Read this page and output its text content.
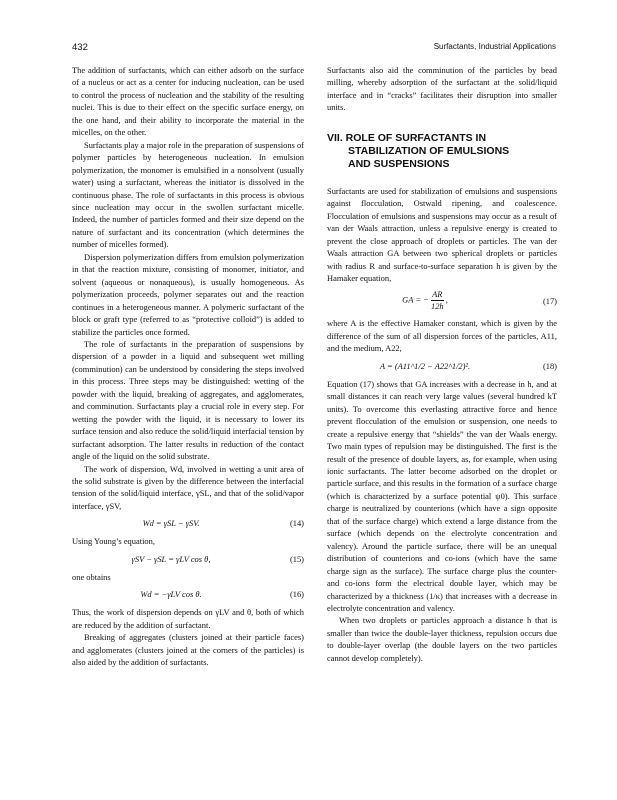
432	Surfactants, Industrial Applications

The addition of surfactants, which can either adsorb on the surface of a nucleus or act as a center for inducing nucleation, can be used to control the process of nucleation and the stability of the resulting nuclei. This is due to their effect on the specific surface energy, on the one hand, and their ability to incorporate the material in the micelles, on the other.

Surfactants play a major role in the preparation of suspensions of polymer particles by heterogeneous nucleation. In emulsion polymerization, the monomer is emulsified in a nonsolvent (usually water) using a surfactant, whereas the initiator is dissolved in the continuous phase. The role of surfactants in this process is obvious since nucleation may occur in the swollen surfactant micelle. Indeed, the number of particles formed and their size depend on the nature of surfactant and its concentration (which determines the number of micelles formed).

Dispersion polymerization differs from emulsion polymerization in that the reaction mixture, consisting of monomer, initiator, and solvent (aqueous or nonaqueous), is usually homogeneous. As polymerization proceeds, polymer separates out and the reaction continues in a heterogeneous manner. A polymeric surfactant of the block or graft type (referred to as “protective colloid”) is added to stabilize the particles once formed.

The role of surfactants in the preparation of suspensions by dispersion of a powder in a liquid and subsequent wet milling (comminution) can be understood by considering the steps involved in this process. Three steps may be distinguished: wetting of the powder with the liquid, breaking of aggregates, and agglomerates, and comminution. Surfactants play a crucial role in every step. For wetting the powder with the liquid, it is necessary to lower its surface tension and also reduce the solid/liquid interfacial tension by surfactant adsorption. The latter results in reduction of the contact angle of the liquid on the solid substrate.

The work of dispersion, Wd, involved in wetting a unit area of the solid substrate is given by the difference between the interfacial tension of the solid/liquid interface, γSL, and that of the solid/vapor interface, γSV,

Wd = γSL − γSV.	(14)

Using Young’s equation,

γSV − γSL = γLV cos θ,	(15)

one obtains

Wd = −γLV cos θ.	(16)

Thus, the work of dispersion depends on γLV and θ, both of which are reduced by the addition of surfactant.

Breaking of aggregates (clusters joined at their particle faces) and agglomerates (clusters joined at the corners of the particles) is also aided by the addition of surfactants.

Surfactants also aid the comminution of the particles by bead milling, whereby adsorption of the surfactant at the solid/liquid interface and in “cracks” facilitates their disruption into smaller units.

VII. ROLE OF SURFACTANTS IN
STABILIZATION OF EMULSIONS
AND SUSPENSIONS

Surfactants are used for stabilization of emulsions and suspensions against flocculation, Ostwald ripening, and coalescence. Flocculation of emulsions and suspensions may occur as a result of van der Waals attraction, unless a repulsive energy is created to prevent the close approach of droplets or particles. The van der Waals attraction GA between two spherical droplets or particles with radius R and surface-to-surface separation h is given by the Hamaker equation,

GA = − $\frac{AR}{12h}$ ,	(17)

where A is the effective Hamaker constant, which is given by the difference of the sum of all dispersion forces of the particles, A11, and the medium, A22,

A = (A11^1/2 − A22^1/2)².	(18)

Equation (17) shows that GA increases with a decrease in h, and at small distances it can reach very large values (several hundred kT units). To overcome this everlasting attractive force and hence prevent flocculation of the emulsion or suspension, one needs to create a repulsive energy that “shields” the van der Waals energy. Two main types of repulsion may be distinguished. The first is the result of the presence of double layers, as, for example, when using ionic surfactants. The latter become adsorbed on the droplet or particle surface, and this results in the formation of a surface charge (which is characterized by a surface potential ψ0). This surface charge is neutralized by counterions (which have a sign opposite that of the surface charge) which extend a large distance from the surface (which depends on the electrolyte concentration and valency). Around the particle surface, there will be an unequal distribution of counterions and co-ions (which have the same charge sign as the surface). The surface charge plus the counter- and co-ions form the electrical double layer, which may be characterized by a thickness (1/κ) that increases with a decrease in electrolyte concentration and valency.

When two droplets or particles approach a distance h that is smaller than twice the double-layer thickness, repulsion occurs due to double-layer overlap (the double layers on the two particles cannot develop completely).
